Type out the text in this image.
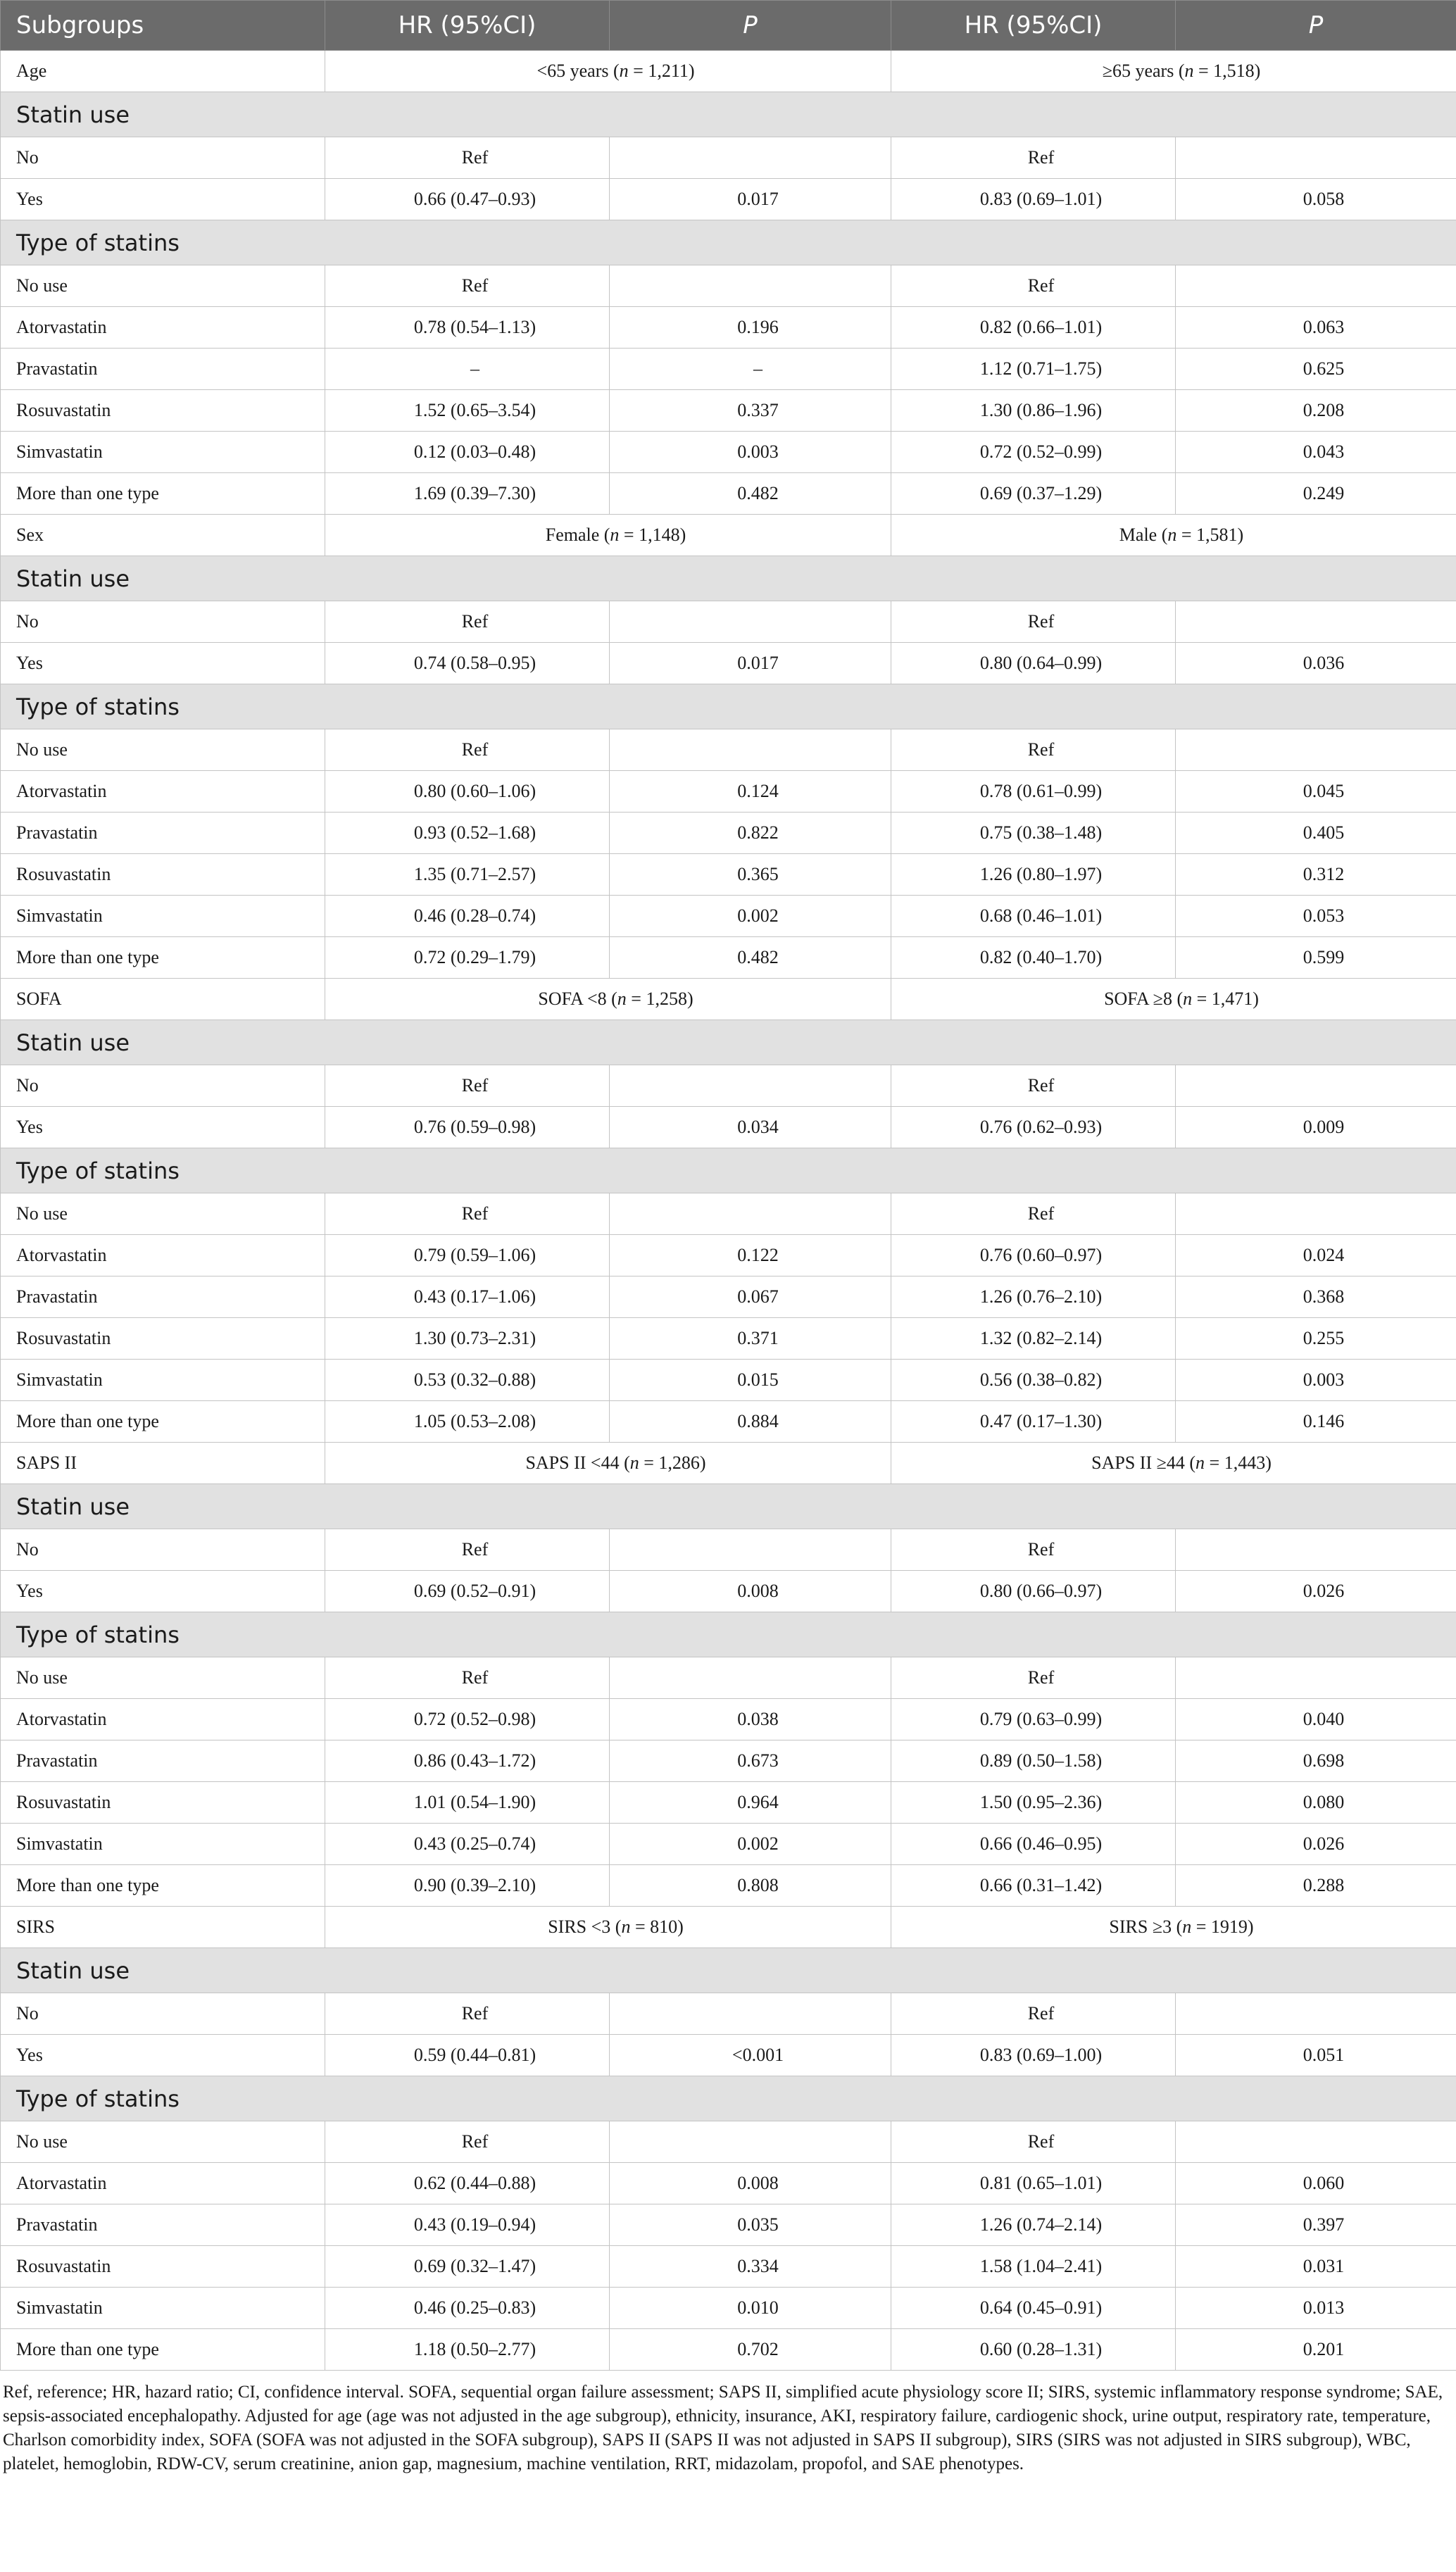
Subgroups	HR (95%CI)	P	HR (95%CI)	P
Age	<65 years (n = 1,211)		≥65 years (n = 1,518)	
Statin use				
No	Ref		Ref	
Yes	0.66 (0.47–0.93)	0.017	0.83 (0.69–1.01)	0.058
Type of statins				
No use	Ref		Ref	
Atorvastatin	0.78 (0.54–1.13)	0.196	0.82 (0.66–1.01)	0.063
Pravastatin	–	–	1.12 (0.71–1.75)	0.625
Rosuvastatin	1.52 (0.65–3.54)	0.337	1.30 (0.86–1.96)	0.208
Simvastatin	0.12 (0.03–0.48)	0.003	0.72 (0.52–0.99)	0.043
More than one type	1.69 (0.39–7.30)	0.482	0.69 (0.37–1.29)	0.249
Sex	Female (n = 1,148)		Male (n = 1,581)	
Statin use				
No	Ref		Ref	
Yes	0.74 (0.58–0.95)	0.017	0.80 (0.64–0.99)	0.036
Type of statins				
No use	Ref		Ref	
Atorvastatin	0.80 (0.60–1.06)	0.124	0.78 (0.61–0.99)	0.045
Pravastatin	0.93 (0.52–1.68)	0.822	0.75 (0.38–1.48)	0.405
Rosuvastatin	1.35 (0.71–2.57)	0.365	1.26 (0.80–1.97)	0.312
Simvastatin	0.46 (0.28–0.74)	0.002	0.68 (0.46–1.01)	0.053
More than one type	0.72 (0.29–1.79)	0.482	0.82 (0.40–1.70)	0.599
SOFA	SOFA <8 (n = 1,258)		SOFA ≥8 (n = 1,471)	
Statin use				
No	Ref		Ref	
Yes	0.76 (0.59–0.98)	0.034	0.76 (0.62–0.93)	0.009
Type of statins				
No use	Ref		Ref	
Atorvastatin	0.79 (0.59–1.06)	0.122	0.76 (0.60–0.97)	0.024
Pravastatin	0.43 (0.17–1.06)	0.067	1.26 (0.76–2.10)	0.368
Rosuvastatin	1.30 (0.73–2.31)	0.371	1.32 (0.82–2.14)	0.255
Simvastatin	0.53 (0.32–0.88)	0.015	0.56 (0.38–0.82)	0.003
More than one type	1.05 (0.53–2.08)	0.884	0.47 (0.17–1.30)	0.146
SAPS II	SAPS II <44 (n = 1,286)		SAPS II ≥44 (n = 1,443)	
Statin use				
No	Ref		Ref	
Yes	0.69 (0.52–0.91)	0.008	0.80 (0.66–0.97)	0.026
Type of statins				
No use	Ref		Ref	
Atorvastatin	0.72 (0.52–0.98)	0.038	0.79 (0.63–0.99)	0.040
Pravastatin	0.86 (0.43–1.72)	0.673	0.89 (0.50–1.58)	0.698
Rosuvastatin	1.01 (0.54–1.90)	0.964	1.50 (0.95–2.36)	0.080
Simvastatin	0.43 (0.25–0.74)	0.002	0.66 (0.46–0.95)	0.026
More than one type	0.90 (0.39–2.10)	0.808	0.66 (0.31–1.42)	0.288
SIRS	SIRS <3 (n = 810)		SIRS ≥3 (n = 1919)	
Statin use				
No	Ref		Ref	
Yes	0.59 (0.44–0.81)	<0.001	0.83 (0.69–1.00)	0.051
Type of statins				
No use	Ref		Ref	
Atorvastatin	0.62 (0.44–0.88)	0.008	0.81 (0.65–1.01)	0.060
Pravastatin	0.43 (0.19–0.94)	0.035	1.26 (0.74–2.14)	0.397
Rosuvastatin	0.69 (0.32–1.47)	0.334	1.58 (1.04–2.41)	0.031
Simvastatin	0.46 (0.25–0.83)	0.010	0.64 (0.45–0.91)	0.013
More than one type	1.18 (0.50–2.77)	0.702	0.60 (0.28–1.31)	0.201
Ref, reference; HR, hazard ratio; CI, confidence interval. SOFA, sequential organ failure assessment; SAPS II, simplified acute physiology score II; SIRS, systemic inflammatory response syndrome; SAE, sepsis-associated encephalopathy. Adjusted for age (age was not adjusted in the age subgroup), ethnicity, insurance, AKI, respiratory failure, cardiogenic shock, urine output, respiratory rate, temperature, Charlson comorbidity index, SOFA (SOFA was not adjusted in the SOFA subgroup), SAPS II (SAPS II was not adjusted in SAPS II subgroup), SIRS (SIRS was not adjusted in SIRS subgroup), WBC, platelet, hemoglobin, RDW-CV, serum creatinine, anion gap, magnesium, machine ventilation, RRT, midazolam, propofol, and SAE phenotypes.
